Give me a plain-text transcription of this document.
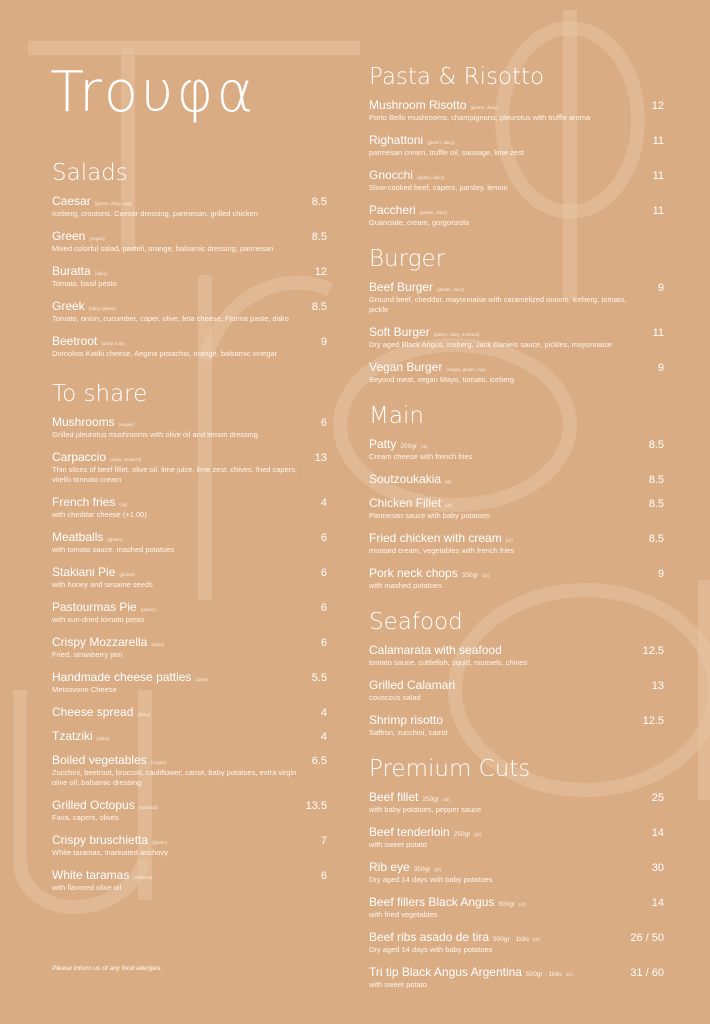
Troυφα
Salads
Caesar (gluten, dairy, egg)	8.5
Iceberg, croutons, Caesar dressing, parmesan, grilled chicken
Green (vegan)	8.5
Mixed colorful salad, pasteli, orange, balsamic dressing, parmesan
Buratta (dairy)	12
Tomato, basil pesto
Greek (dairy, gluten)	8.5
Tomato, onion, cucumber, caper, olive, feta cheese, Florina paste, dako
Beetroot (dairy, nuts)	9
Domokos Katiki cheese, Aegina pistachio, orange, balsamic vinegar
To share
Mushrooms (vegan)	6
Grilled pleurotus mushrooms with olive oil and lemon dressing
Carpaccio (dairy, mustard)	13
Thin slices of beef fillet, olive oil, lime juice, lime zest, chives, fried capers, vitello tonnato cream
French fries (vg)	4
with cheddar cheese (+1.00)
Meatballs (gluten)	6
with tomato sauce, mashed potatoes
Stakiani Pie (gluten)	6
with honey and sesame seeds
Pastourmas Pie (gluten)	6
with sun-dried tomato pesto
Crispy Mozzarella (dairy)	6
Fried, strawberry jam
Handmade cheese patties (dairy)	5.5
Metsovone Cheese
Cheese spread (dairy)	4
Tzatziki (dairy)	4
Boiled vegetables (vegan)	6.5
Zucchini, beetroot, broccoli, cauliflower, carrot, baby potatoes, extra virgin olive oil, balsamic dressing
Grilled Octopus (seafood)	13.5
Fava, capers, olives
Crispy bruschietta (gluten)	7
White taramas, marinated anchovy
White taramas (seafood)	6
with flavored olive oil
Pasta & Risotto
Mushroom Risotto (gluten, dairy)	12
Porto Bello mushrooms, champignons, pleurotus with truffle aroma
Righattoni (gluten, dairy)	11
parmesan cream, truffle oil, sausage, lime zest
Gnocchi (gluten, dairy)	11
Slow-cooked beef, capers, parsley, lemon
Paccheri (gluten, dairy)	11
Guanciale, cream, gorgonzola
Burger
Beef Burger (gluten, dairy)	9
Ground beef, cheddar, mayonnaise with caramelized onions, iceberg, tomato, pickle
Soft Burger (gluten, dairy, mustard)	11
Dry aged Black Angus, iceberg, Jack Daniels sauce, pickles, mayonnaise
Vegan Burger (vegan, gluten, soy)	9
Beyond meat, vegan Mayo, tomato, iceberg
Main
Patty 200gr (dr)	8.5
Cream cheese with french fries
Soutzoukakia (gl)	8.5
Chicken Fillet (dr)	8.5
Parmesan sauce with baby potatoes
Fried chicken with cream (dr)	8.5
mustard cream, vegetables with french fries
Pork neck chops 350gr (dr)	9
with mashed potatoes
Seafood
Calamarata with seafood	12.5
tomato sauce, cuttlefish, squid, mussels, chives
Grilled Calamari	13
couscous salad
Shrimp risotto	12.5
Saffron, zucchini, carrot
Premium Cuts
Beef fillet 250gr (dr)	25
with baby potatoes, pepper sauce
Beef tenderloin 250gr (dr)	14
with sweet potato
Rib eye 350gr (dr)	30
Dry aged 14 days with baby potatoes
Beef fillers Black Angus 300gr (dr)	14
with fried vegetables
Beef ribs asado de tira 500gr · 1kilo (dr)	26 / 50
Dry aged 14 days with baby potatoes
Tri tip Black Angus Argentina 500gr · 1kilo (dr)	31 / 60
with sweet potato
Please inform us of any food allergies.
